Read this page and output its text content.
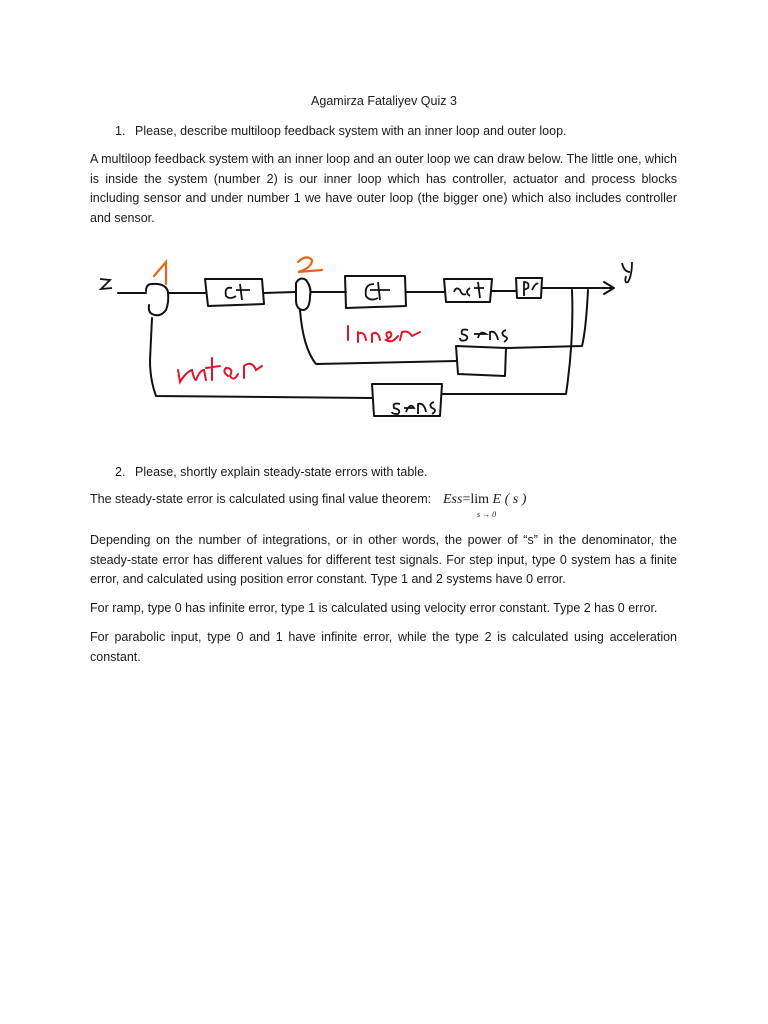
Agamirza Fataliyev Quiz 3
1. Please, describe multiloop feedback system with an inner loop and outer loop.
A multiloop feedback system with an inner loop and an outer loop we can draw below. The little one, which is inside the system (number 2) is our inner loop which has controller, actuator and process blocks including sensor and under number 1 we have outer loop (the bigger one) which also includes controller and sensor.
z
2. Please, shortly explain steady-state errors with table.
The steady-state error is calculated using final value theorem: Ess=lim E ( s )
s → 0
Depending on the number of integrations, or in other words, the power of “s” in the denominator, the steady-state error has different values for different test signals. For step input, type 0 system has a finite error, and calculated using position error constant. Type 1 and 2 systems have 0 error.
For ramp, type 0 has infinite error, type 1 is calculated using velocity error constant. Type 2 has 0 error.
For parabolic input, type 0 and 1 have infinite error, while the type 2 is calculated using acceleration constant.
